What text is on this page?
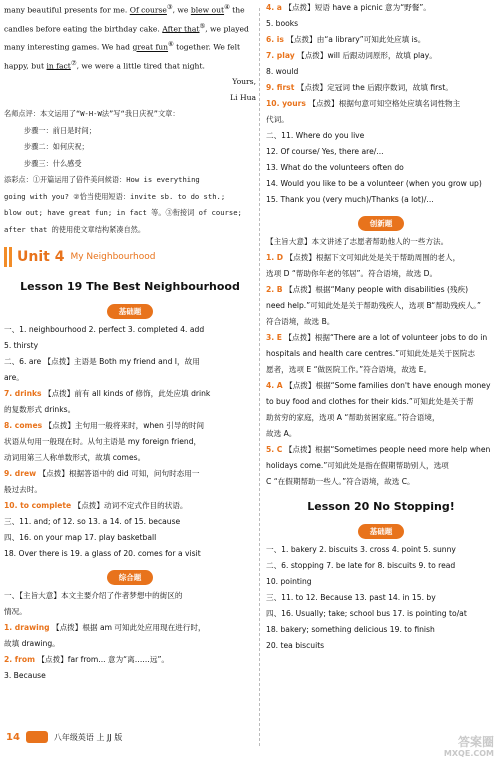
many beautiful presents for me. Of course③, we blew out④ the
candles before eating the birthday cake. After that⑤, we played
many interesting games. We had great fun⑥ together. We felt
happy, but in fact⑦, we were a little tired that night.
Yours,
Li Hua
名师点评：本文运用了“W-H-W法”写“我日庆祝”文章：
步骤一：前日是时间；
步骤二：如何庆祝；
步骤三：什么感受
添彩点：①开篇运用了倍件美问候语：How is everything
going with you? ②恰当使用短语：invite sb. to do sth.;
blow out; have great fun; in fact 等。③衔接词 of course;
after that 的使用使文章结构紧凑自然。
Unit 4 My Neighbourhood
Lesson 19 The Best Neighbourhood
基础题
一、1. neighbourhood 2. perfect 3. completed 4. add
5. thirsty
二、6. are 【点拨】主语是 Both my friend and I，故用
are。
7. drinks 【点拨】前有 all kinds of 修饰，此处应填 drink
的复数形式 drinks。
8. comes 【点拨】主句用一般将来时，when 引导的时间
状语从句用一般现在时。从句主语是 my foreign friend，
动词用第三人称单数形式，故填 comes。
9. drew 【点拨】根据答语中的 did 可知，问句时态用一
般过去时。
10. to complete 【点拨】动词不定式作目的状语。
三、11. and; of 12. so 13. a 14. of 15. because
四、16. on your map 17. play basketball
18. Over there is 19. a glass of 20. comes for a visit
综合题
一、【主旨大意】本文主要介绍了作者梦想中的街区的
情况。
1. drawing 【点拨】根据 am 可知此处应用现在进行时，
故填 drawing。
2. from 【点拨】far from... 意为“离……远”。
3. Because
4. a 【点拨】短语 have a picnic 意为“野餐”。
5. books
6. is 【点拨】由“a library”可知此处应填 is。
7. play 【点拨】will 后跟动词原形，故填 play。
8. would
9. first 【点拨】定冠词 the 后跟序数词，故填 first。
10. yours 【点拨】根据句意可知空格处应填名词性物主
代词。
二、11. Where do you live
12. Of course/ Yes, there are/...
13. What do the volunteers often do
14. Would you like to be a volunteer (when you grow up)
15. Thank you (very much)/Thanks (a lot)/...
创新题
【主旨大意】本文讲述了志愿者帮助他人的一些方法。
1. D 【点拨】根据下文可知此处是关于帮助周围的老人，
选项 D “帮助你年老的邻居”。符合语境，故选 D。
2. B 【点拨】根据“Many people with disabilities (残疾)
need help.”可知此处是关于帮助残疾人，选项 B“帮助残疾人。”
符合语境，故选 B。
3. E 【点拨】根据“There are a lot of volunteer jobs to do in
hospitals and health care centres.”可知此处是关于医院志
愿者，选项 E “做医院工作。”符合语境，故选 E。
4. A 【点拨】根据“Some families don't have enough money
to buy food and clothes for their kids.”可知此处是关于帮
助贫穷的家庭，选项 A “帮助贫困家庭。”符合语境，
故选 A。
5. C 【点拨】根据“Sometimes people need more help when
holidays come.”可知此处是指在假期帮助别人，选项
C “在假期帮助一些人。”符合语境，故选 C。
Lesson 20 No Stopping!
基础题
一、1. bakery 2. biscuits 3. cross 4. point 5. sunny
二、6. stopping 7. be late for 8. biscuits 9. to read
10. pointing
三、11. to 12. Because 13. past 14. in 15. by
四、16. Usually; take; school bus 17. is pointing to/at
18. bakery; something delicious 19. to finish
20. tea biscuits
14	八年级英语 上 JJ 版	答案圈
MXQE.COM
